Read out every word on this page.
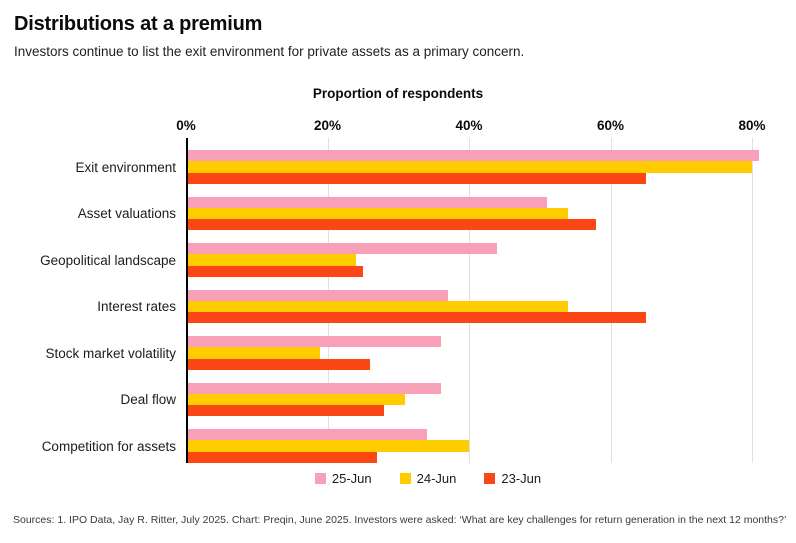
Distributions at a premium
Investors continue to list the exit environment for private assets as a primary concern.
Proportion of respondents
0%	20%	40%	60%	80%
Exit environment
Asset valuations
Geopolitical landscape
Interest rates
Stock market volatility
Deal flow
Competition for assets
25-Jun	24-Jun	23-Jun
Sources: 1. IPO Data, Jay R. Ritter, July 2025. Chart: Preqin, June 2025. Investors were asked: ‘What are key challenges for return generation in the next 12 months?’
